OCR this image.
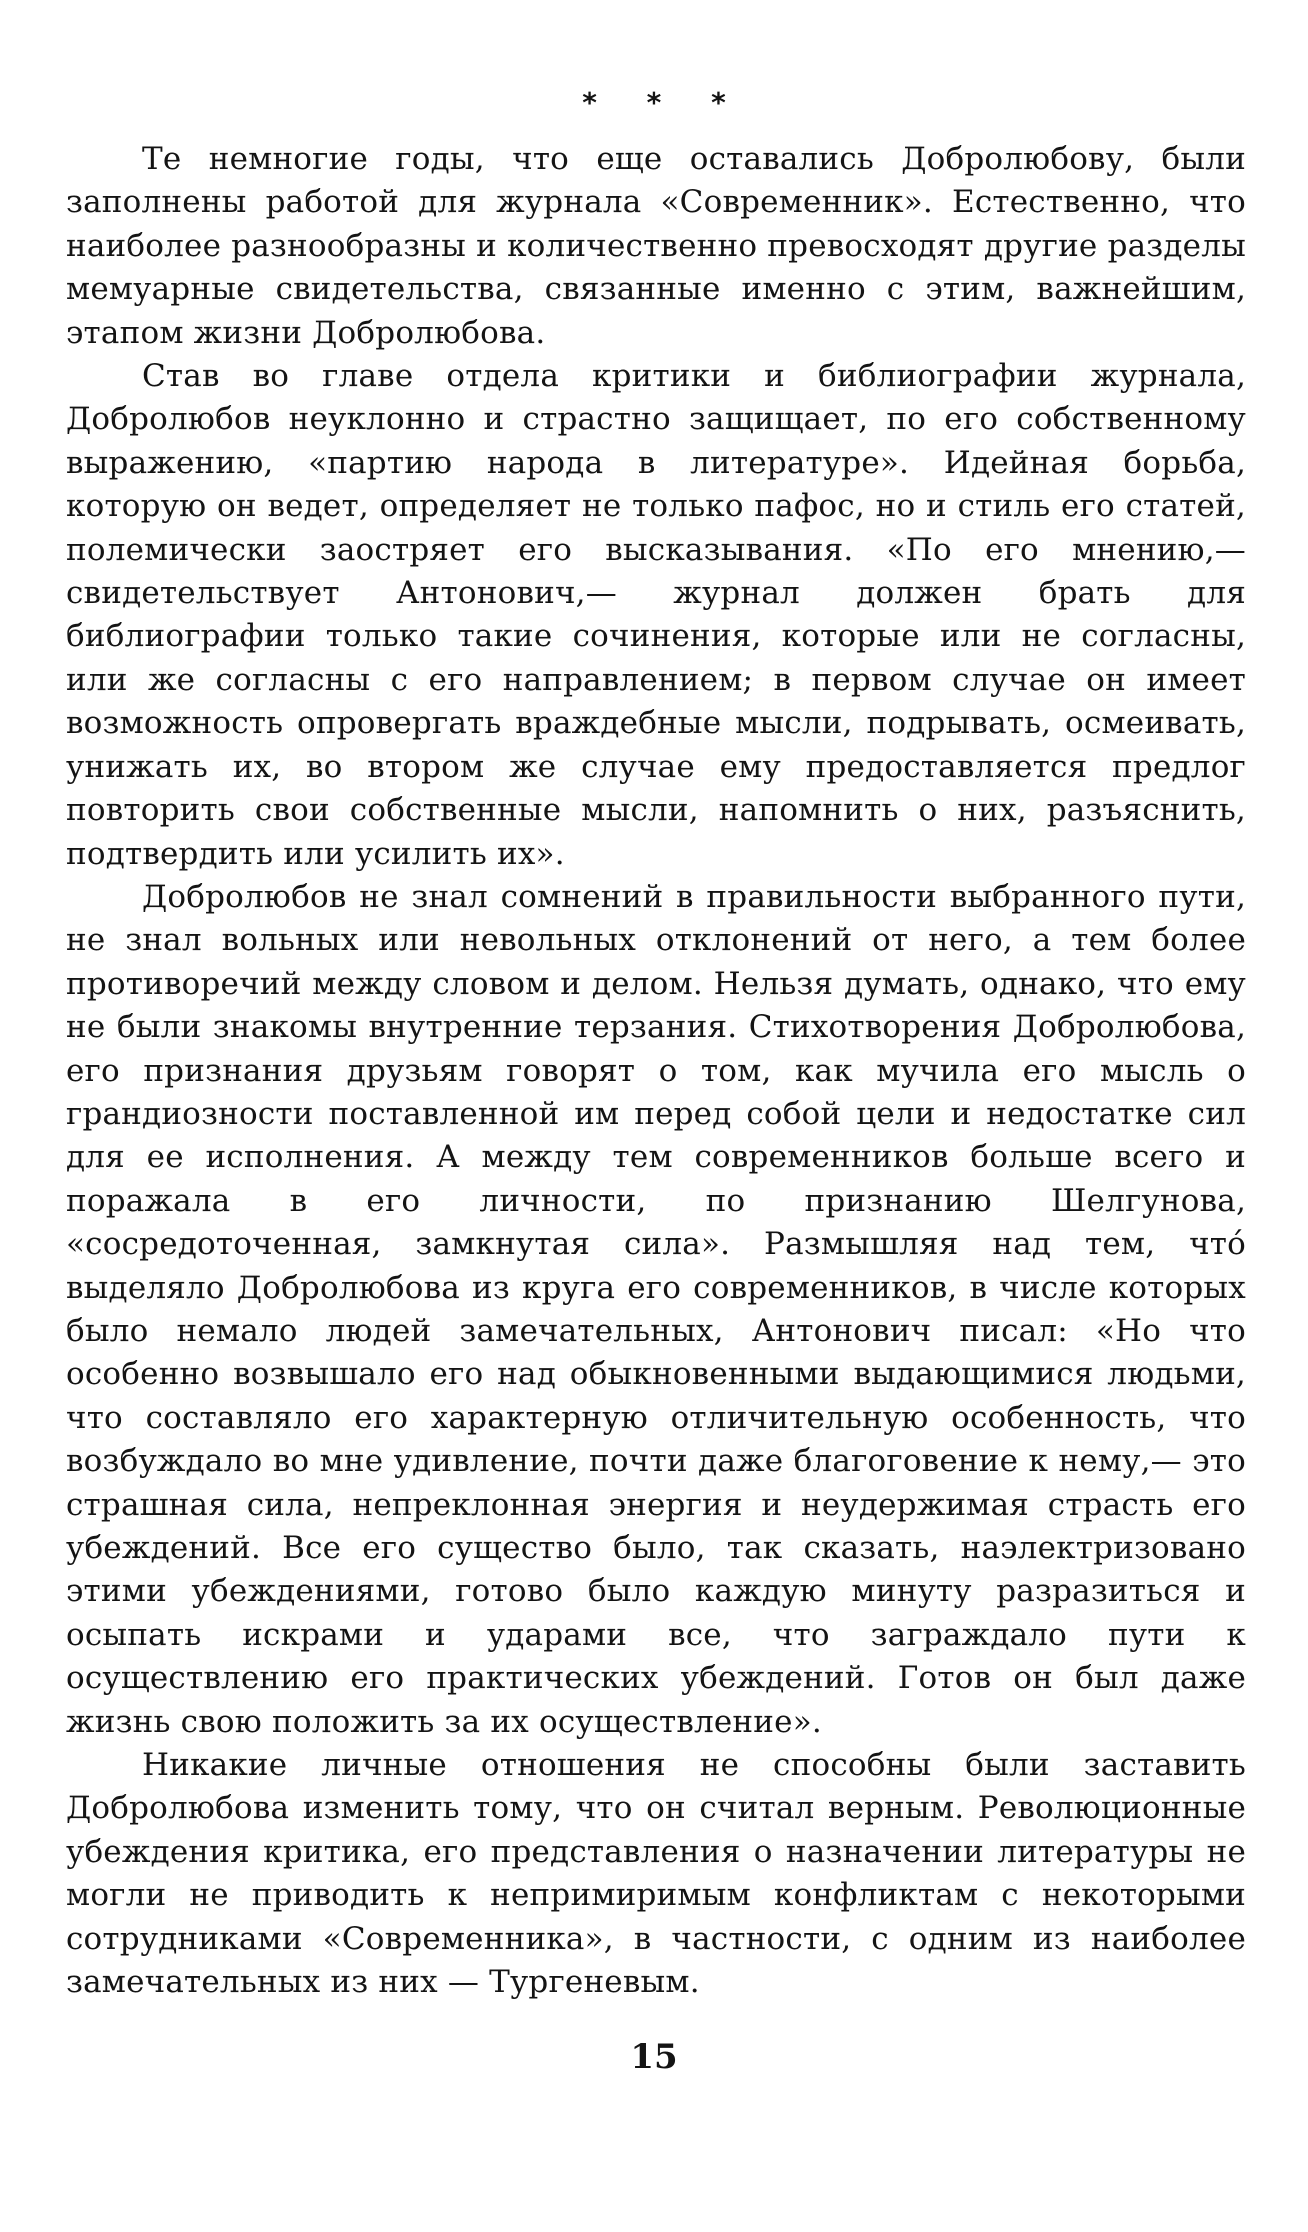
* * *

Те немногие годы, что еще оставались Добролюбову, были заполнены работой для журнала «Современник». Естественно, что наиболее разнообразны и количественно превосходят другие разделы мемуарные свидетельства, связанные именно с этим, важнейшим, этапом жизни Добролюбова.

Став во главе отдела критики и библиографии журнала, Добролюбов неуклонно и страстно защищает, по его собственному выражению, «партию народа в литературе». Идейная борьба, которую он ведет, определяет не только пафос, но и стиль его статей, полемически заостряет его высказывания. «По его мнению,— свидетельствует Антонович,— журнал должен брать для библиографии только такие сочинения, которые или не согласны, или же согласны с его направлением; в первом случае он имеет возможность опровергать враждебные мысли, подрывать, осмеивать, унижать их, во втором же случае ему предоставляется предлог повторить свои собственные мысли, напомнить о них, разъяснить, подтвердить или усилить их».

Добролюбов не знал сомнений в правильности выбранного пути, не знал вольных или невольных отклонений от него, а тем более противоречий между словом и делом. Нельзя думать, однако, что ему не были знакомы внутренние терзания. Стихотворения Добролюбова, его признания друзьям говорят о том, как мучила его мысль о грандиозности поставленной им перед собой цели и недостатке сил для ее исполнения. А между тем современников больше всего и поражала в его личности, по признанию Шелгунова, «сосредоточенная, замкнутая сила». Размышляя над тем, что́ выделяло Добролюбова из круга его современников, в числе которых было немало людей замечательных, Антонович писал: «Но что особенно возвышало его над обыкновенными выдающимися людьми, что составляло его характерную отличительную особенность, что возбуждало во мне удивление, почти даже благоговение к нему,— это страшная сила, непреклонная энергия и неудержимая страсть его убеждений. Все его существо было, так сказать, наэлектризовано этими убеждениями, готово было каждую минуту разразиться и осыпать искрами и ударами все, что заграждало пути к осуществлению его практических убеждений. Готов он был даже жизнь свою положить за их осуществление».

Никакие личные отношения не способны были заставить Добролюбова изменить тому, что он считал верным. Революционные убеждения критика, его представления о назначении литературы не могли не приводить к непримиримым конфликтам с некоторыми сотрудниками «Современника», в частности, с одним из наиболее замечательных из них — Тургеневым.

15
